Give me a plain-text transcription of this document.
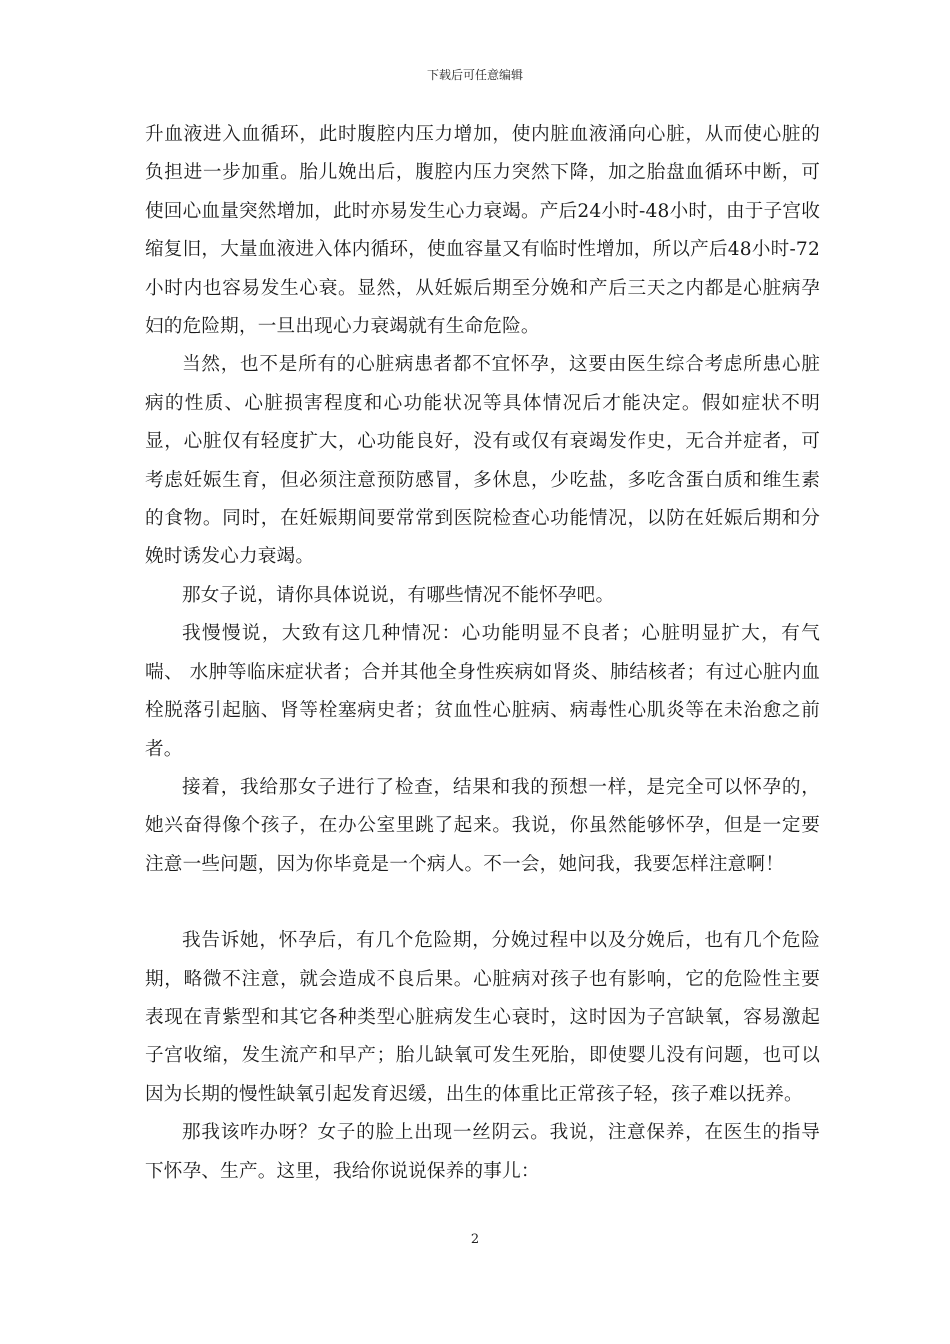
下载后可任意编辑

升血液进入血循环，此时腹腔内压力增加，使内脏血液涌向心脏，从而使心脏的负担进一步加重。胎儿娩出后，腹腔内压力突然下降，加之胎盘血循环中断，可使回心血量突然增加，此时亦易发生心力衰竭。产后24小时-48小时，由于子宫收缩复旧，大量血液进入体内循环，使血容量又有临时性增加，所以产后48小时-72小时内也容易发生心衰。显然，从妊娠后期至分娩和产后三天之内都是心脏病孕妇的危险期，一旦出现心力衰竭就有生命危险。

当然，也不是所有的心脏病患者都不宜怀孕，这要由医生综合考虑所患心脏病的性质、心脏损害程度和心功能状况等具体情况后才能决定。假如症状不明显，心脏仅有轻度扩大，心功能良好，没有或仅有衰竭发作史，无合并症者，可考虑妊娠生育，但必须注意预防感冒，多休息，少吃盐，多吃含蛋白质和维生素的食物。同时，在妊娠期间要常常到医院检查心功能情况，以防在妊娠后期和分娩时诱发心力衰竭。

那女子说，请你具体说说，有哪些情况不能怀孕吧。

我慢慢说，大致有这几种情况：心功能明显不良者；心脏明显扩大，有气喘、 水肿等临床症状者；合并其他全身性疾病如肾炎、肺结核者；有过心脏内血栓脱落引起脑、肾等栓塞病史者；贫血性心脏病、病毒性心肌炎等在未治愈之前者。

接着，我给那女子进行了检查，结果和我的预想一样，是完全可以怀孕的，她兴奋得像个孩子，在办公室里跳了起来。我说，你虽然能够怀孕，但是一定要注意一些问题，因为你毕竟是一个病人。不一会，她问我，我要怎样注意啊！

我告诉她，怀孕后，有几个危险期，分娩过程中以及分娩后，也有几个危险期，略微不注意，就会造成不良后果。心脏病对孩子也有影响，它的危险性主要表现在青紫型和其它各种类型心脏病发生心衰时，这时因为子宫缺氧，容易激起子宫收缩，发生流产和早产；胎儿缺氧可发生死胎，即使婴儿没有问题，也可以因为长期的慢性缺氧引起发育迟缓，出生的体重比正常孩子轻，孩子难以抚养。

那我该咋办呀？女子的脸上出现一丝阴云。我说，注意保养，在医生的指导下怀孕、生产。这里，我给你说说保养的事儿：

2
